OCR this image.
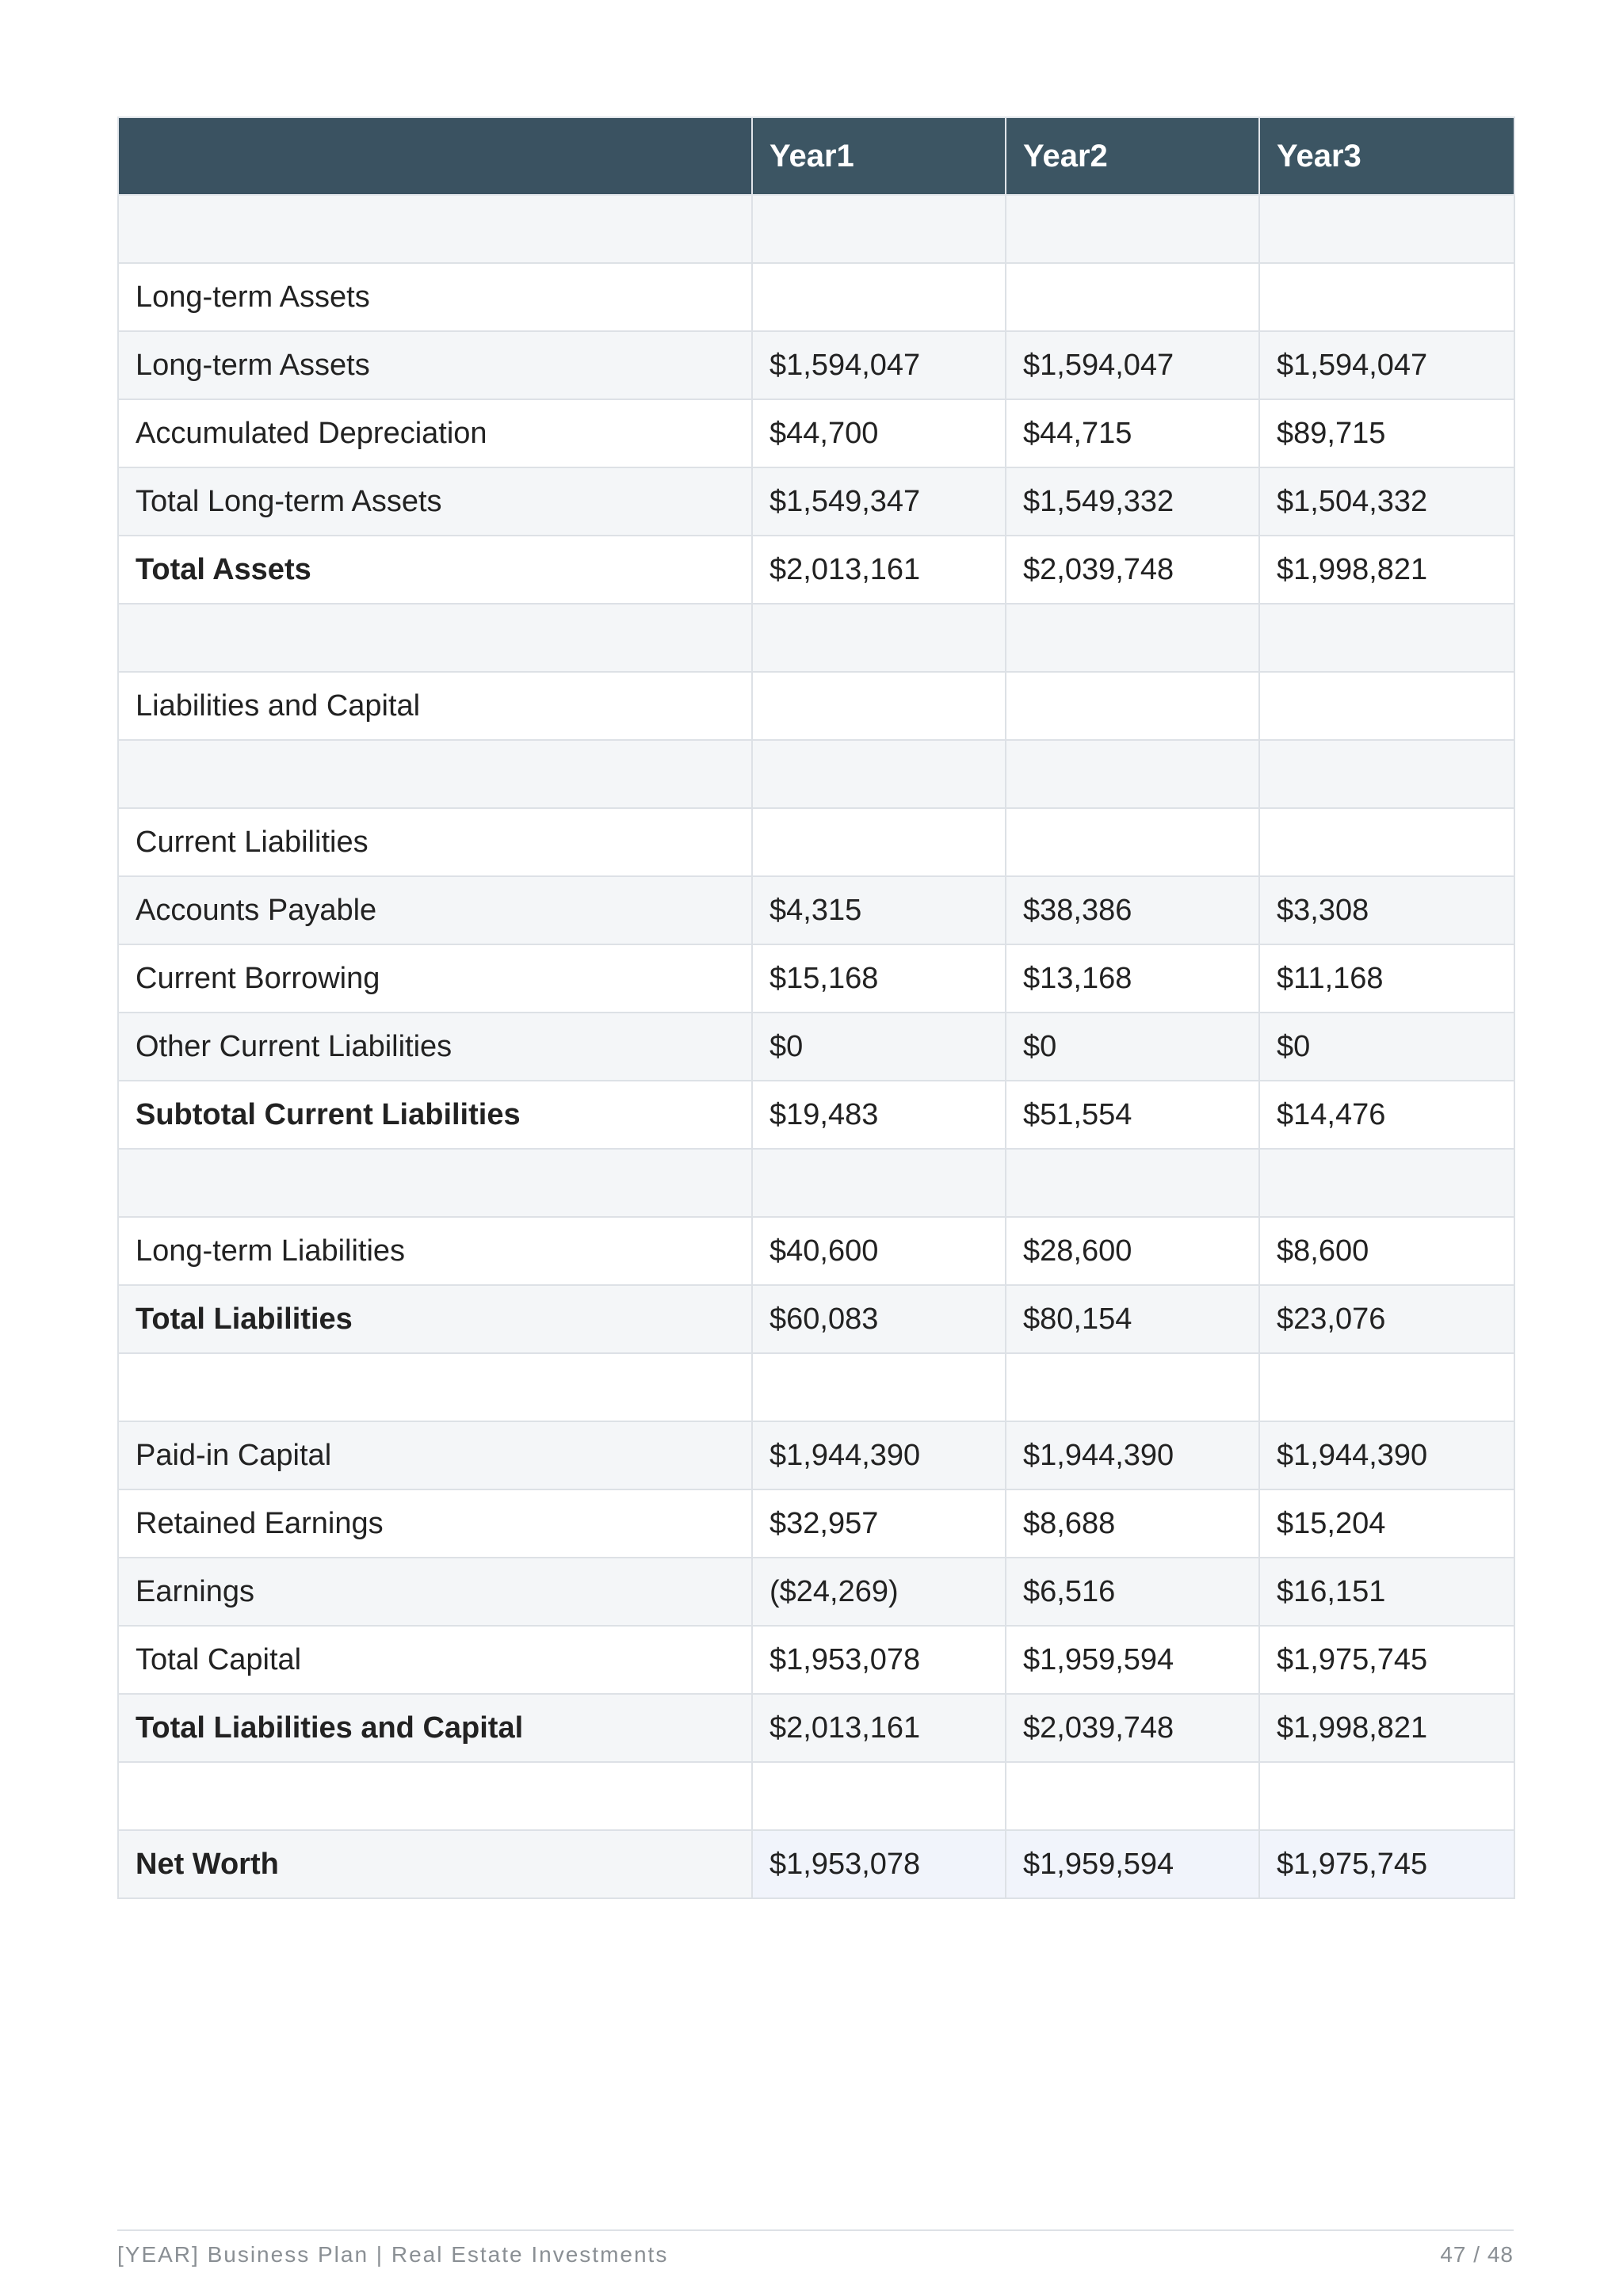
	Year1	Year2	Year3

Long-term Assets			
Long-term Assets	$1,594,047	$1,594,047	$1,594,047
Accumulated Depreciation	$44,700	$44,715	$89,715
Total Long-term Assets	$1,549,347	$1,549,332	$1,504,332
Total Assets	$2,013,161	$2,039,748	$1,998,821

Liabilities and Capital			

Current Liabilities			
Accounts Payable	$4,315	$38,386	$3,308
Current Borrowing	$15,168	$13,168	$11,168
Other Current Liabilities	$0	$0	$0
Subtotal Current Liabilities	$19,483	$51,554	$14,476

Long-term Liabilities	$40,600	$28,600	$8,600
Total Liabilities	$60,083	$80,154	$23,076

Paid-in Capital	$1,944,390	$1,944,390	$1,944,390
Retained Earnings	$32,957	$8,688	$15,204
Earnings	($24,269)	$6,516	$16,151
Total Capital	$1,953,078	$1,959,594	$1,975,745
Total Liabilities and Capital	$2,013,161	$2,039,748	$1,998,821

Net Worth	$1,953,078	$1,959,594	$1,975,745
[YEAR] Business Plan | Real Estate Investments	47 / 48
